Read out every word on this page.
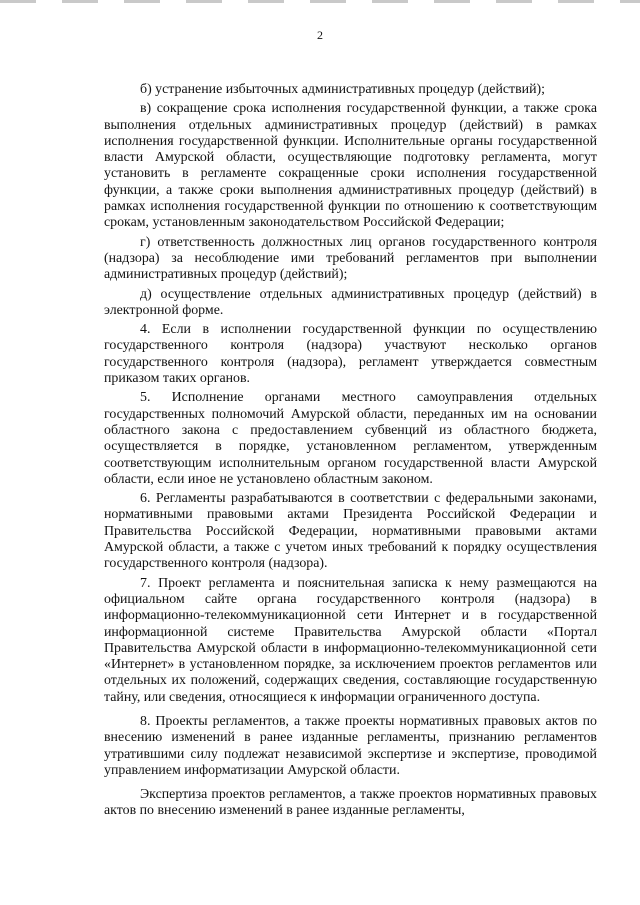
2

б) устранение избыточных административных процедур (действий);

в) сокращение срока исполнения государственной функции, а также срока выполнения отдельных административных процедур (действий) в рамках исполнения государственной функции. Исполнительные органы государственной власти Амурской области, осуществляющие подготовку регламента, могут установить в регламенте сокращенные сроки исполнения государственной функции, а также сроки выполнения административных процедур (действий) в рамках исполнения государственной функции по отношению к соответствующим срокам, установленным законодательством Российской Федерации;

г) ответственность должностных лиц органов государственного контроля (надзора) за несоблюдение ими требований регламентов при выполнении административных процедур (действий);

д) осуществление отдельных административных процедур (действий) в электронной форме.

4. Если в исполнении государственной функции по осуществлению государственного контроля (надзора) участвуют несколько органов государственного контроля (надзора), регламент утверждается совместным приказом таких органов.

5. Исполнение органами местного самоуправления отдельных государственных полномочий Амурской области, переданных им на основании областного закона с предоставлением субвенций из областного бюджета, осуществляется в порядке, установленном регламентом, утвержденным соответствующим исполнительным органом государственной власти Амурской области, если иное не установлено областным законом.

6. Регламенты разрабатываются в соответствии с федеральными законами, нормативными правовыми актами Президента Российской Федерации и Правительства Российской Федерации, нормативными правовыми актами Амурской области, а также с учетом иных требований к порядку осуществления государственного контроля (надзора).

7. Проект регламента и пояснительная записка к нему размещаются на официальном сайте органа государственного контроля (надзора) в информационно-телекоммуникационной сети Интернет и в государственной информационной системе Правительства Амурской области «Портал Правительства Амурской области в информационно-телекоммуникационной сети «Интернет» в установленном порядке, за исключением проектов регламентов или отдельных их положений, содержащих сведения, составляющие государственную тайну, или сведения, относящиеся к информации ограниченного доступа.

8. Проекты регламентов, а также проекты нормативных правовых актов по внесению изменений в ранее изданные регламенты, признанию регламентов утратившими силу подлежат независимой экспертизе и экспертизе, проводимой управлением информатизации Амурской области.

Экспертиза проектов регламентов, а также проектов нормативных правовых актов по внесению изменений в ранее изданные регламенты,
